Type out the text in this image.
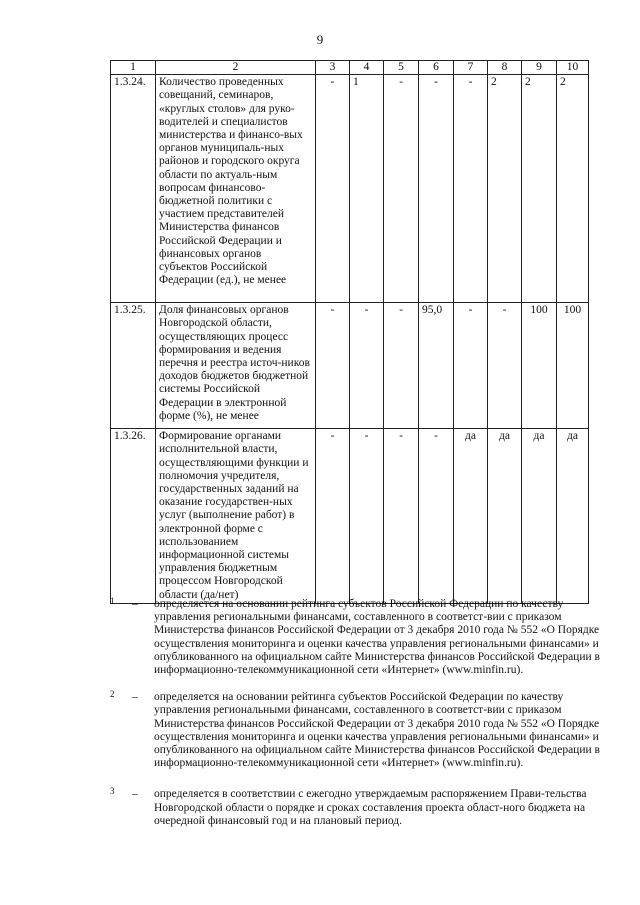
9
1	2	3	4	5	6	7	8	9	10
1.3.24.	Количество проведенных совещаний, семинаров, «круглых столов» для руко-водителей и специалистов министерства и финансо-вых органов муниципаль-ных районов и городского округа области по актуаль-ным вопросам финансово-бюджетной политики с участием представителей Министерства финансов Российской Федерации и финансовых органов субъектов Российской Федерации (ед.), не менее	-	1	-	-	-	2	2	2
1.3.25.	Доля финансовых органов Новгородской области, осуществляющих процесс формирования и ведения перечня и реестра источ-ников доходов бюджетов бюджетной системы Российской Федерации в электронной форме (%), не менее	-	-	-	95,0	-	-	100	100
1.3.26.	Формирование органами исполнительной власти, осуществляющими функции и полномочия учредителя, государственных заданий на оказание государствен-ных услуг (выполнение работ) в электронной форме с использованием информационной системы управления бюджетным процессом Новгородской области (да/нет)	-	-	-	-	да	да	да	да
1 – определяется на основании рейтинга субъектов Российской Федерации по качеству управления региональными финансами, составленного в соответст-вии с приказом Министерства финансов Российской Федерации от 3 декабря 2010 года № 552 «О Порядке осуществления мониторинга и оценки качества управления региональными финансами» и опубликованного на официальном сайте Министерства финансов Российской Федерации в информационно-телекоммуникационной сети «Интернет» (www.minfin.ru).
2 – определяется на основании рейтинга субъектов Российской Федерации по качеству управления региональными финансами, составленного в соответст-вии с приказом Министерства финансов Российской Федерации от 3 декабря 2010 года № 552 «О Порядке осуществления мониторинга и оценки качества управления региональными финансами» и опубликованного на официальном сайте Министерства финансов Российской Федерации в информационно-телекоммуникационной сети «Интернет» (www.minfin.ru).
3 – определяется в соответствии с ежегодно утверждаемым распоряжением Прави-тельства Новгородской области о порядке и сроках составления проекта област-ного бюджета на очередной финансовый год и на плановый период.
